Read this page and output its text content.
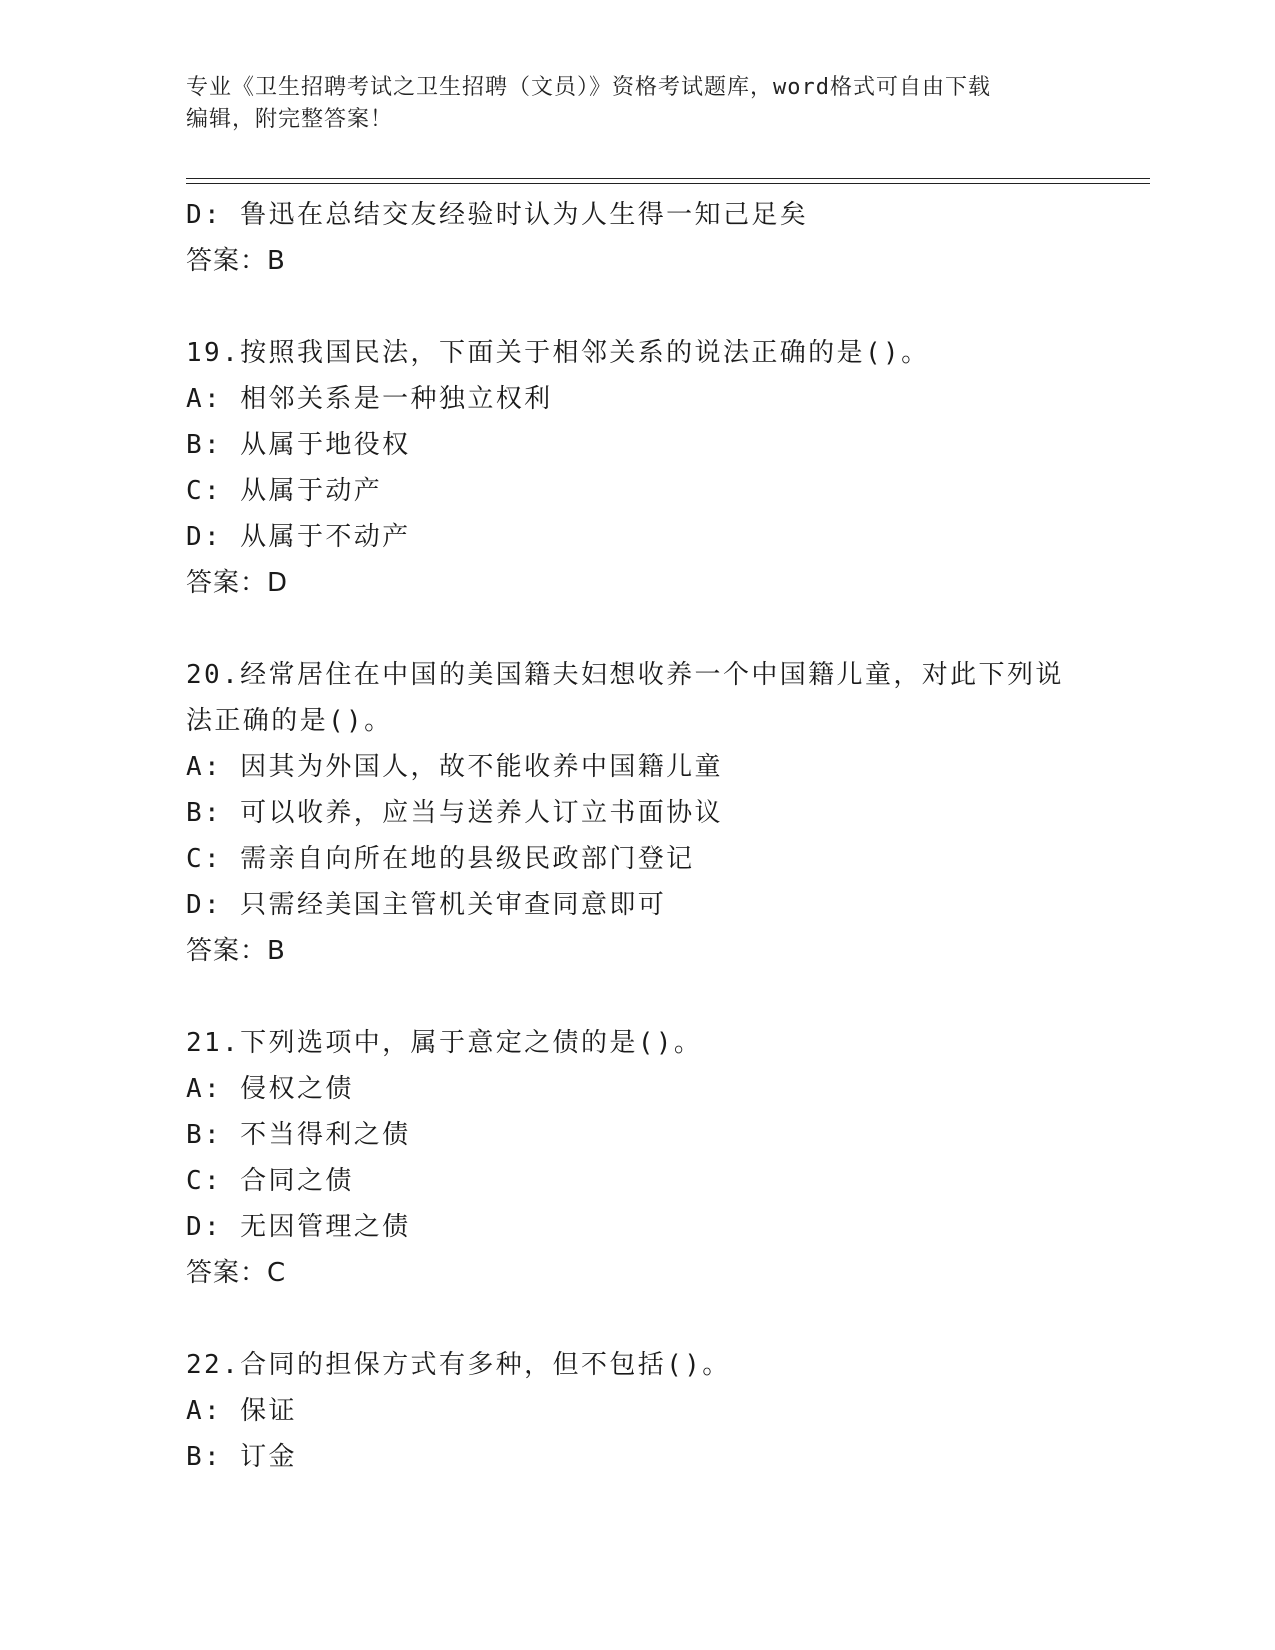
专业《卫生招聘考试之卫生招聘（文员）》资格考试题库，word格式可自由下载
编辑，附完整答案！
D: 鲁迅在总结交友经验时认为人生得一知己足矣
答案：B
19.按照我国民法，下面关于相邻关系的说法正确的是()。
A: 相邻关系是一种独立权利
B: 从属于地役权
C: 从属于动产
D: 从属于不动产
答案：D
20.经常居住在中国的美国籍夫妇想收养一个中国籍儿童，对此下列说
法正确的是()。
A: 因其为外国人，故不能收养中国籍儿童
B: 可以收养，应当与送养人订立书面协议
C: 需亲自向所在地的县级民政部门登记
D: 只需经美国主管机关审查同意即可
答案：B
21.下列选项中，属于意定之债的是()。
A: 侵权之债
B: 不当得利之债
C: 合同之债
D: 无因管理之债
答案：C
22.合同的担保方式有多种，但不包括()。
A: 保证
B: 订金
